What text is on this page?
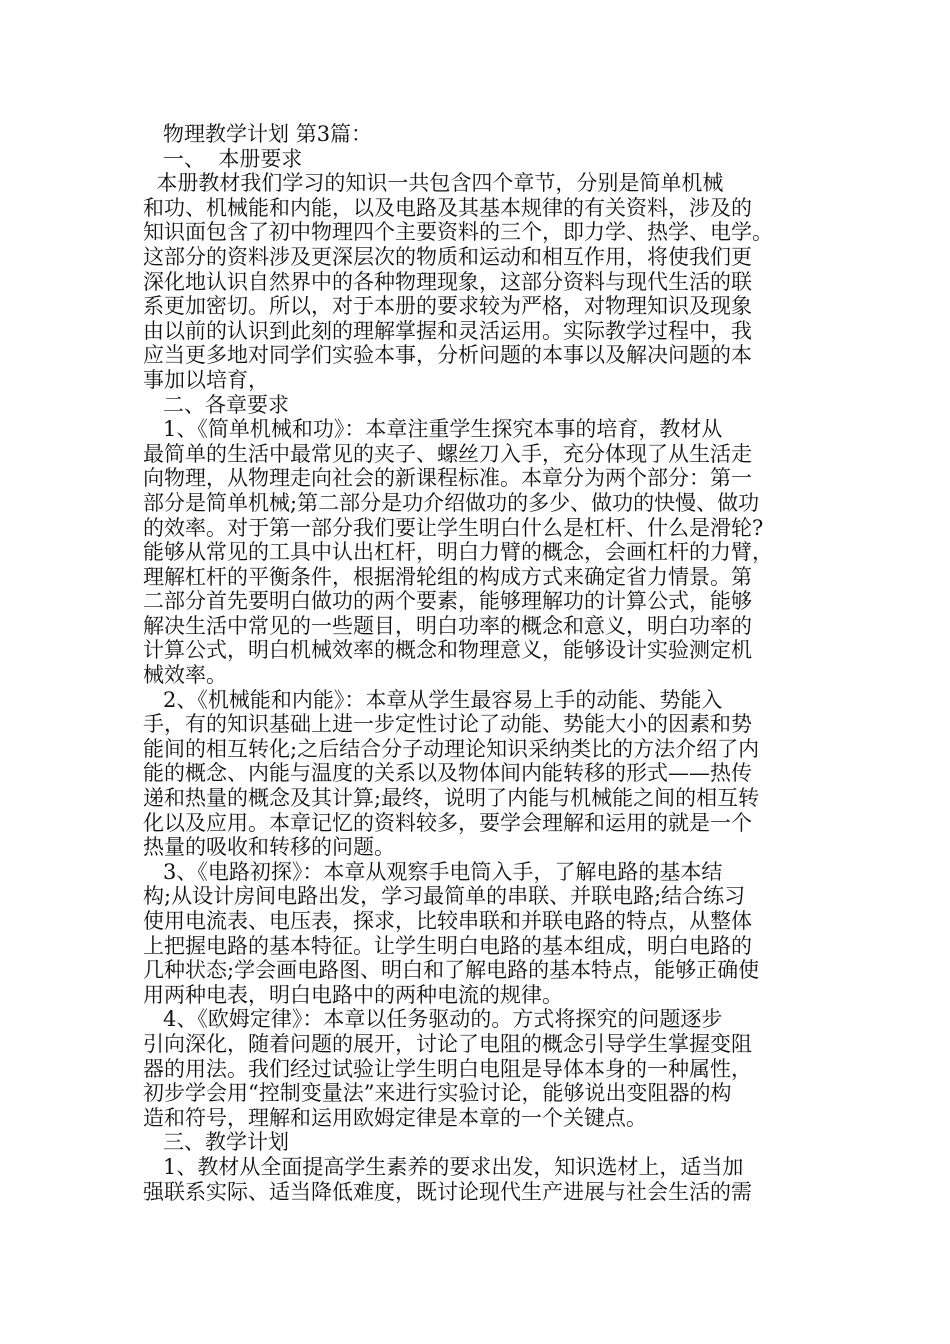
物理教学计划 第3篇：
一、  本册要求
本册教材我们学习的知识一共包含四个章节，分别是简单机械
和功、机械能和内能，以及电路及其基本规律的有关资料，涉及的
知识面包含了初中物理四个主要资料的三个，即力学、热学、电学。
这部分的资料涉及更深层次的物质和运动和相互作用，将使我们更
深化地认识自然界中的各种物理现象，这部分资料与现代生活的联
系更加密切。所以，对于本册的要求较为严格，对物理知识及现象
由以前的认识到此刻的理解掌握和灵活运用。实际教学过程中，我
应当更多地对同学们实验本事，分析问题的本事以及解决问题的本
事加以培育，
二、各章要求
1、《简单机械和功》：本章注重学生探究本事的培育，教材从
最简单的生活中最常见的夹子、螺丝刀入手，充分体现了从生活走
向物理，从物理走向社会的新课程标准。本章分为两个部分：第一
部分是简单机械;第二部分是功介绍做功的多少、做功的快慢、做功
的效率。对于第一部分我们要让学生明白什么是杠杆、什么是滑轮?
能够从常见的工具中认出杠杆，明白力臂的概念，会画杠杆的力臂，
理解杠杆的平衡条件，根据滑轮组的构成方式来确定省力情景。第
二部分首先要明白做功的两个要素，能够理解功的计算公式，能够
解决生活中常见的一些题目，明白功率的概念和意义，明白功率的
计算公式，明白机械效率的概念和物理意义，能够设计实验测定机
械效率。
2、《机械能和内能》：本章从学生最容易上手的动能、势能入
手，有的知识基础上进一步定性讨论了动能、势能大小的因素和势
能间的相互转化;之后结合分子动理论知识采纳类比的方法介绍了内
能的概念、内能与温度的关系以及物体间内能转移的形式——热传
递和热量的概念及其计算;最终，说明了内能与机械能之间的相互转
化以及应用。本章记忆的资料较多，要学会理解和运用的就是一个
热量的吸收和转移的问题。
3、《电路初探》：本章从观察手电筒入手，了解电路的基本结
构;从设计房间电路出发，学习最简单的串联、并联电路;结合练习
使用电流表、电压表，探求，比较串联和并联电路的特点，从整体
上把握电路的基本特征。让学生明白电路的基本组成，明白电路的
几种状态;学会画电路图、明白和了解电路的基本特点，能够正确使
用两种电表，明白电路中的两种电流的规律。
4、《欧姆定律》：本章以任务驱动的。方式将探究的问题逐步
引向深化，随着问题的展开，讨论了电阻的概念引导学生掌握变阻
器的用法。我们经过试验让学生明白电阻是导体本身的一种属性，
初步学会用“控制变量法”来进行实验讨论，能够说出变阻器的构
造和符号，理解和运用欧姆定律是本章的一个关键点。
三、教学计划
1、教材从全面提高学生素养的要求出发，知识选材上，适当加
强联系实际、适当降低难度，既讨论现代生产进展与社会生活的需
